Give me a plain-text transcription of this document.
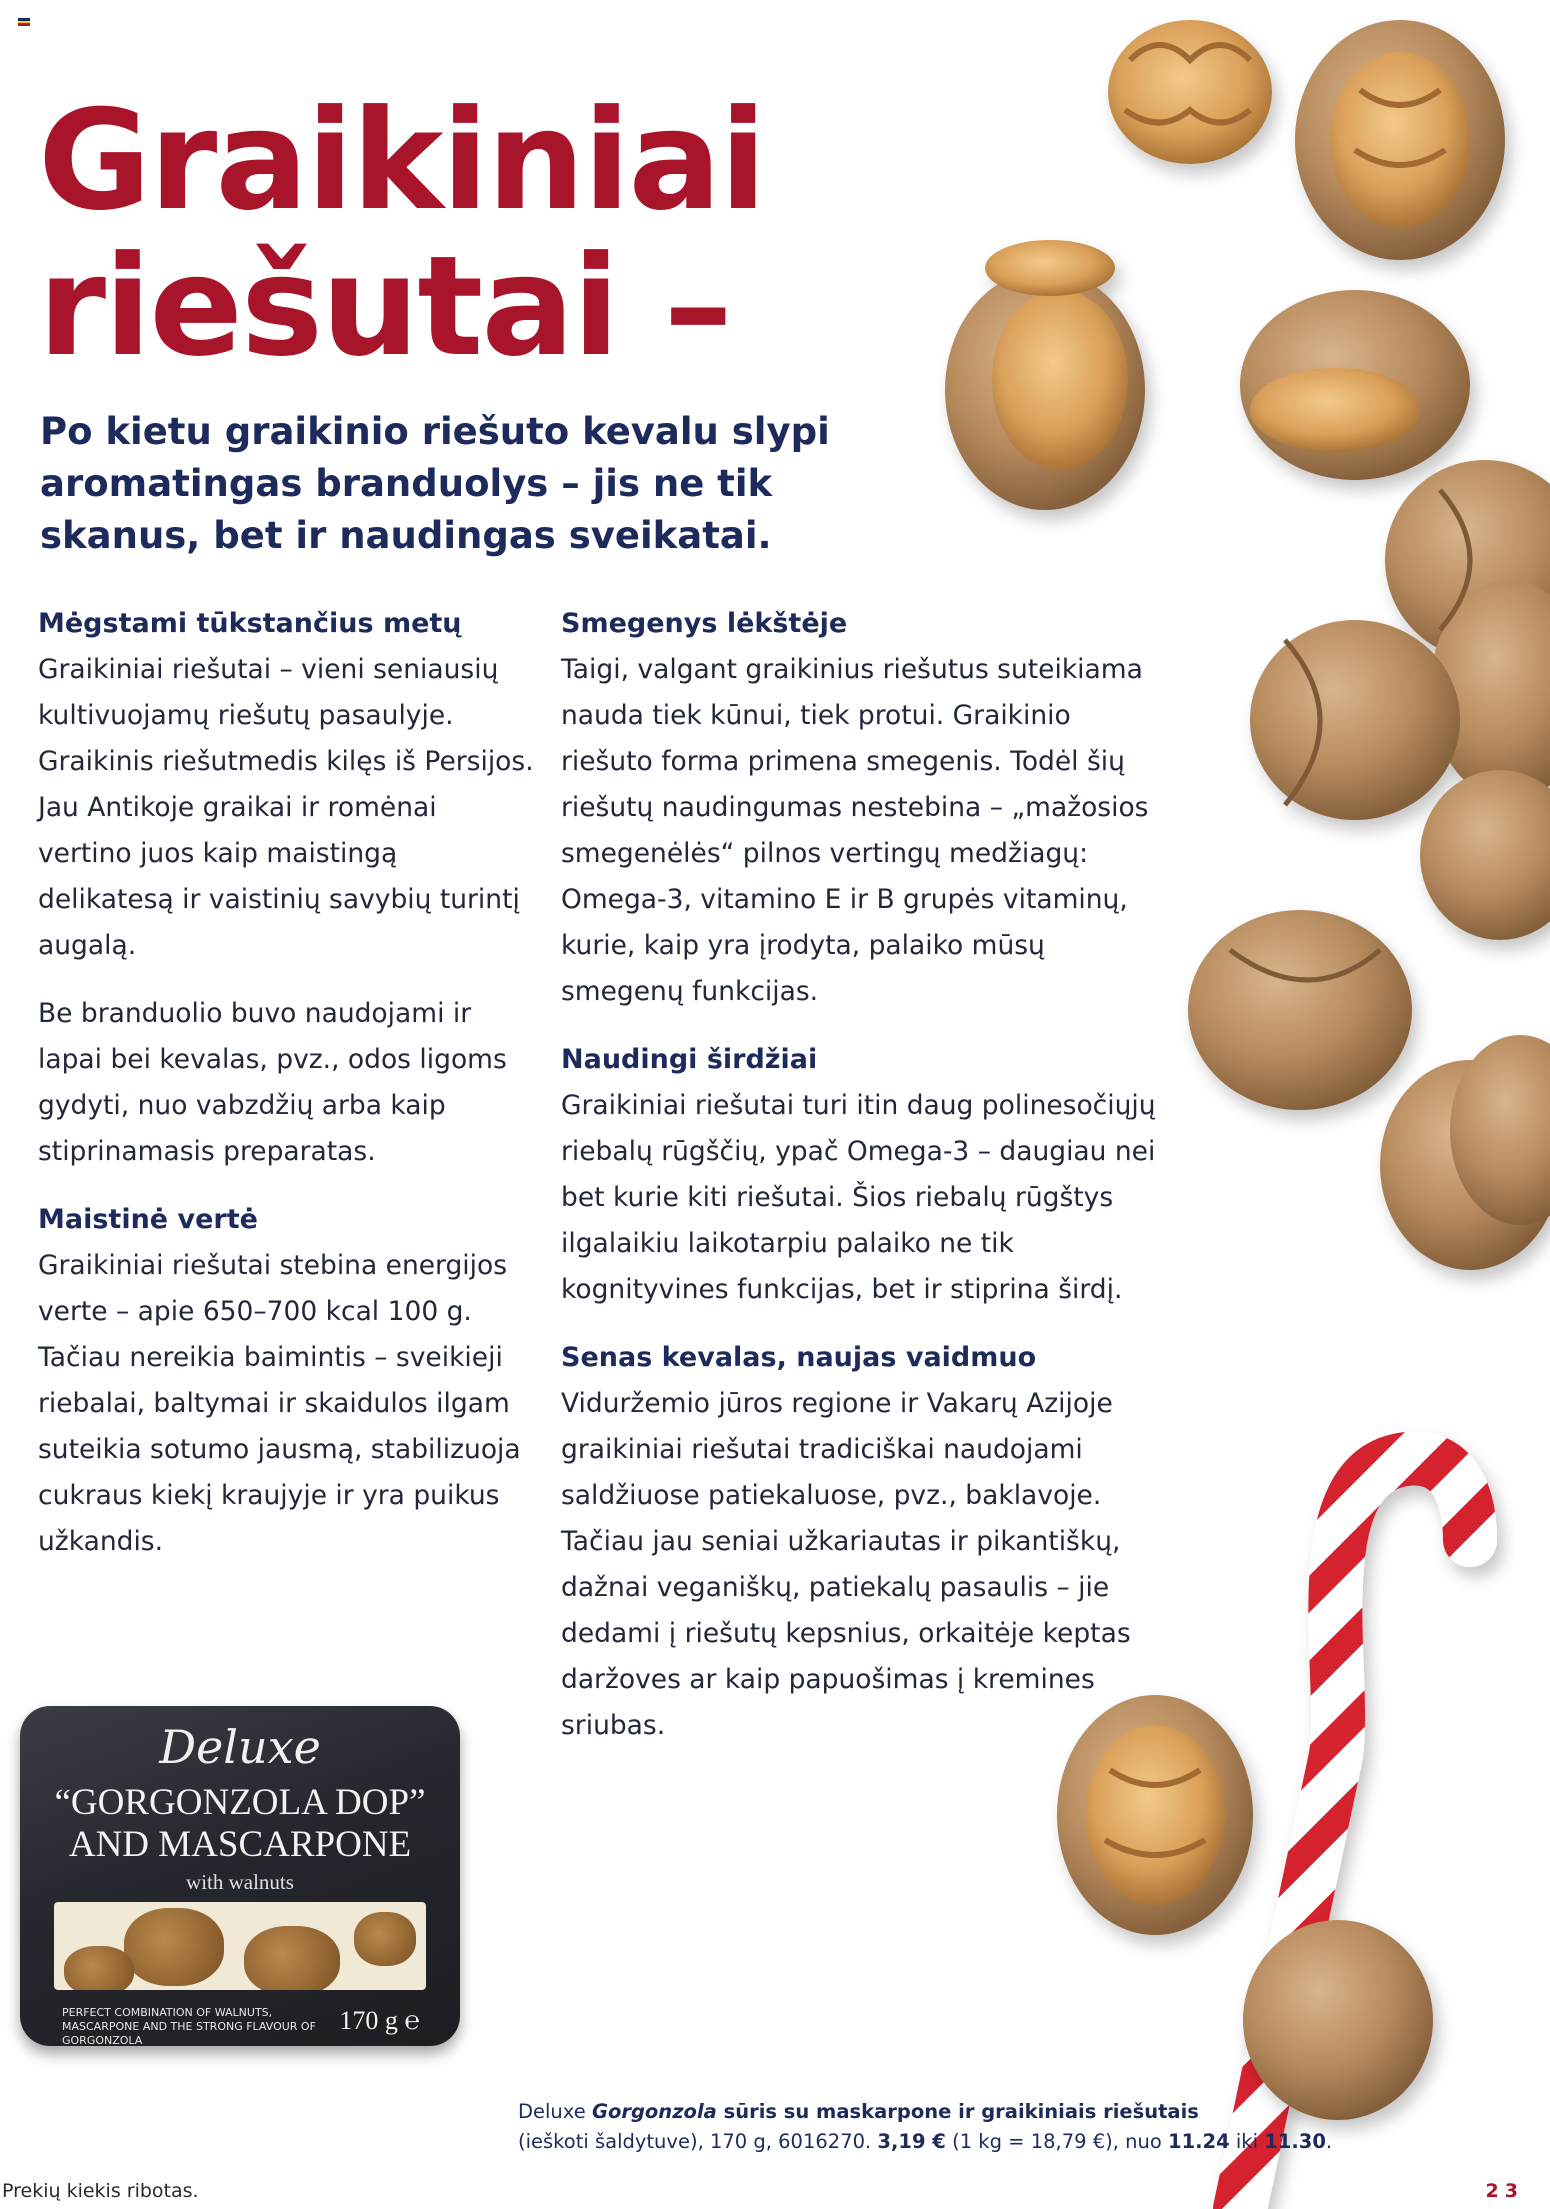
Graikiniai
riešutai –
Po kietu graikinio riešuto kevalu slypi aromatingas branduolys – jis ne tik skanus, bet ir naudingas sveikatai.
Mėgstami tūkstančius metų

Graikiniai riešutai – vieni seniausių kultivuojamų riešutų pasaulyje. Graikinis riešutmedis kilęs iš Persijos. Jau Antikoje graikai ir romėnai vertino juos kaip maistingą delikatesą ir vaistinių savybių turintį augalą.

Be branduolio buvo naudojami ir lapai bei kevalas, pvz., odos ligoms gydyti, nuo vabzdžių arba kaip stiprinamasis preparatas.

Maistinė vertė

Graikiniai riešutai stebina energijos verte – apie 650–700 kcal 100 g. Tačiau nereikia baimintis – sveikieji riebalai, baltymai ir skaidulos ilgam suteikia sotumo jausmą, stabilizuoja cukraus kiekį kraujyje ir yra puikus užkandis.

Smegenys lėkštėje

Taigi, valgant graikinius riešutus suteikiama nauda tiek kūnui, tiek protui. Graikinio riešuto forma primena smegenis. Todėl šių riešutų naudingumas nestebina – „mažosios smegenėlės“ pilnos vertingų medžiagų: Omega-3, vitamino E ir B grupės vitaminų, kurie, kaip yra įrodyta, palaiko mūsų smegenų funkcijas.

Naudingi širdžiai

Graikiniai riešutai turi itin daug polinesočiųjų riebalų rūgščių, ypač Omega-3 – daugiau nei bet kurie kiti riešutai. Šios riebalų rūgštys ilgalaikiu laikotarpiu palaiko ne tik kognityvines funkcijas, bet ir stiprina širdį.

Senas kevalas, naujas vaidmuo

Viduržemio jūros regione ir Vakarų Azijoje graikiniai riešutai tradiciškai naudojami saldžiuose patiekaluose, pvz., baklavoje. Tačiau jau seniai užkariautas ir pikantiškų, dažnai veganiškų, patiekalų pasaulis – jie dedami į riešutų kepsnius, orkaitėje keptas daržoves ar kaip papuošimas į kremines sriubas.

Deluxe
“GORGONZOLA DOP”
AND MASCARPONE
with walnuts
PERFECT COMBINATION OF WALNUTS, MASCARPONE AND THE STRONG FLAVOUR OF GORGONZOLA
170 g ℮
Deluxe Gorgonzola sūris su maskarpone ir graikiniais riešutais
(ieškoti šaldytuve), 170 g, 6016270. 3,19 € (1 kg = 18,79 €), nuo 11.24 iki 11.30.
Prekių kiekis ribotas.	23
